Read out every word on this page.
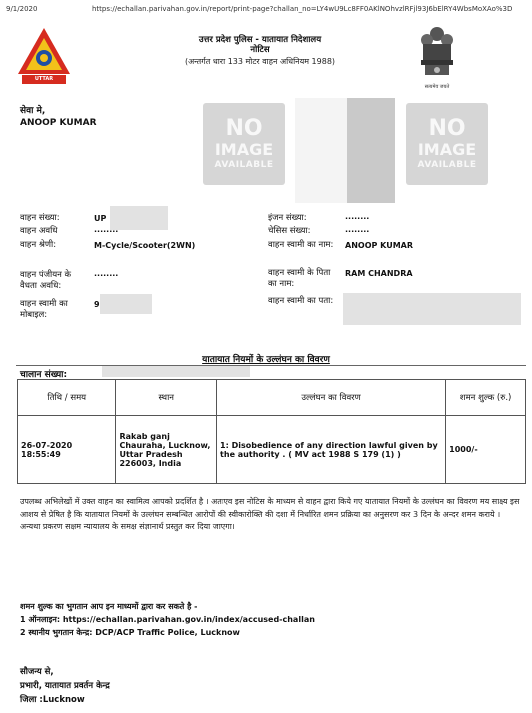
9/1/2020	https://echallan.parivahan.gov.in/report/print-page?challan_no=LY4wU9Lc8FF0AKlNOhvzlRFjl93J6bElRY4WbsMoXAo%3D
UTTAR PRADESH
उत्तर प्रदेश पुलिस - यातायात निदेशालय
नोटिस
(अन्तर्गत धारा 133 मोटर वाहन अधिनियम 1988)
सत्यमेव जयते
सेवा मे,
ANOOP KUMAR	NO
IMAGE
AVAILABLE
NO
IMAGE
AVAILABLE
वाहन संख्या:	UP
वाहन अवधि	........
वाहन श्रेणी:	M-Cycle/Scooter(2WN)
वाहन पंजीयन के वैधता अवधि:
........
वाहन स्वामी का मोबाइल:
9
इंजन संख्या:	........
चेसिस संख्या:	........
वाहन स्वामी का नाम:	ANOOP KUMAR
वाहन स्वामी के पिता का नाम:
RAM CHANDRA
वाहन स्वामी का पता:
यातायात नियमों के उल्लंघन का विवरण
चालान संख्या:
तिथि / समय	स्थान	उल्लंघन का विवरण	शमन शुल्क (रु.)
26-07-2020 18:55:49	Rakab ganj Chauraha, Lucknow, Uttar Pradesh 226003, India	1: Disobedience of any direction lawful given by the authority . ( MV act 1988 S 179 (1) )	1000/-
उपलब्ध अभिलेखों में उक्त वाहन का स्वामित्व आपको प्रदर्शित है । अतःएव इस नोटिस के माध्यम से वाहन द्वारा किये गए यातायात नियमों के उल्लंघन का विवरण मय साक्ष्य इस आशय से प्रेषित है कि यातायात नियमों के उल्लंघन सम्बन्धित आरोपों की स्वीकारोक्ति की दशा में निर्धारित शमन प्रक्रिया का अनुसरण कर 3 दिन के अन्दर शमन कराये । अन्यथा प्रकरण सक्षम न्यायालय के समक्ष संज्ञानार्थ प्रस्तुत कर दिया जाएगा।
शमन शुल्क का भुगतान आप इन माध्यमों द्वारा कर सकते है -
1 ऑनलाइन: https://echallan.parivahan.gov.in/index/accused-challan
2 स्थानीय भुगतान केन्द्र: DCP/ACP Traffic Police, Lucknow
सौजन्य से,
प्रभारी, यातायात प्रवर्तन केन्द्र
जिला :Lucknow
